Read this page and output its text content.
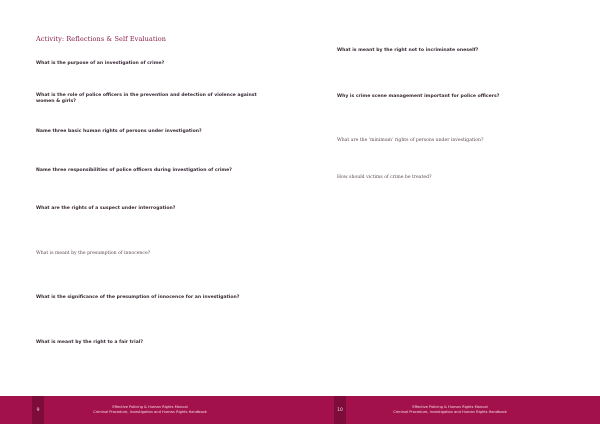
Activity: Reflections & Self Evaluation
What is the purpose of an investigation of crime?
What is the role of police officers in the prevention and detection of violence against women & girls?
Name three basic human rights of persons under investigation?
Name three responsibilities of police officers during investigation of crime?
What are the rights of a suspect under interrogation?
What is meant by the presumption of innocence?
What is the significance of the presumption of innocence for an investigation?
What is meant by the right to a fair trial?
9
Effective Policing & Human Rights Manual
Criminal Procedure, Investigation and Human Rights Handbook
What is meant by the right not to incriminate oneself?
Why is crime scene management important for police officers?
What are the 'minimum' rights of persons under investigation?
How should victims of crime be treated?
10
Effective Policing & Human Rights Manual
Criminal Procedure, Investigation and Human Rights Handbook
